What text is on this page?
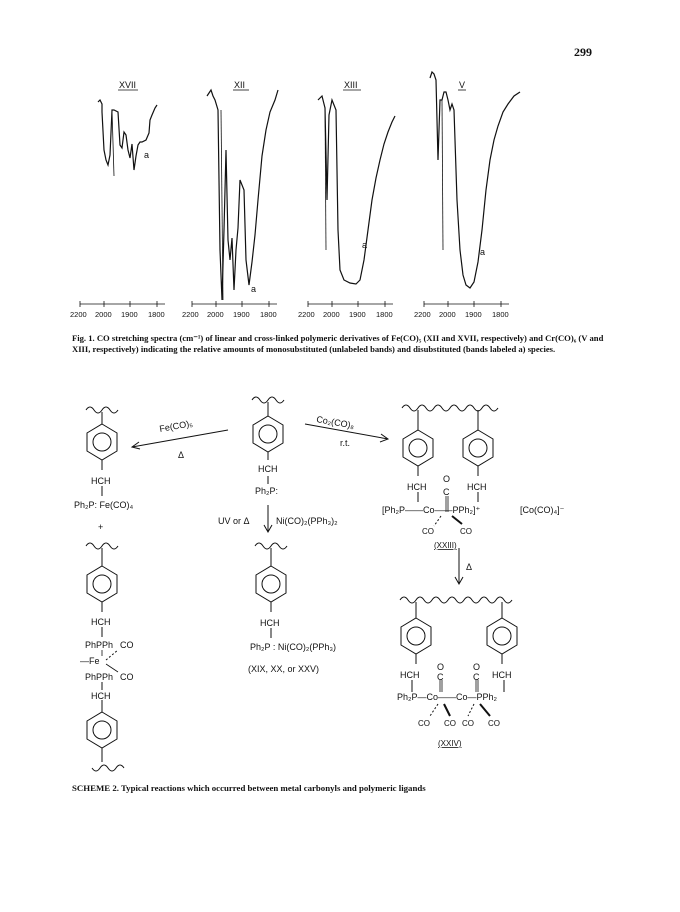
299
XVII	XII	XIII	V
a
a
a
a
2200 2000 1900 1800 2200 2000 1900 1800	2200 2000 1900 1800	2200 2000 1900 1800
Fe(CO)₅
Δ
Co₂(CO)₈
r.t.
UV or Δ	Ni(CO)₂(PPh₃)₂
Δ
HCH
Ph₂P:
HCH
Ph₂P: Fe(CO)₄
+
HCH
PhPPh CO
—Fe
PhPPh CO
HCH
HCH
Ph₂P : Ni(CO)₂(PPh₃)
(XIX, XX, or XXV)
HCH	HCH
O
C
[Ph₂P——Co——PPh₂]⁺	[Co(CO)₄]⁻
CO	CO
(XXIII)
HCH	HCH
O
C
O
C
Ph₂P—Co——Co—PPh₂
CO CO CO CO
(XXIV)
Fig. 1. CO stretching spectra (cm⁻¹) of linear and cross-linked polymeric derivatives of Fe(CO)₅ (XII and XVII, respectively) and Cr(CO)₆ (V and XIII, respectively) indicating the relative amounts of monosubstituted (unlabeled bands) and disubstituted (bands labeled a) species.
SCHEME 2. Typical reactions which occurred between metal carbonyls and polymeric ligands
